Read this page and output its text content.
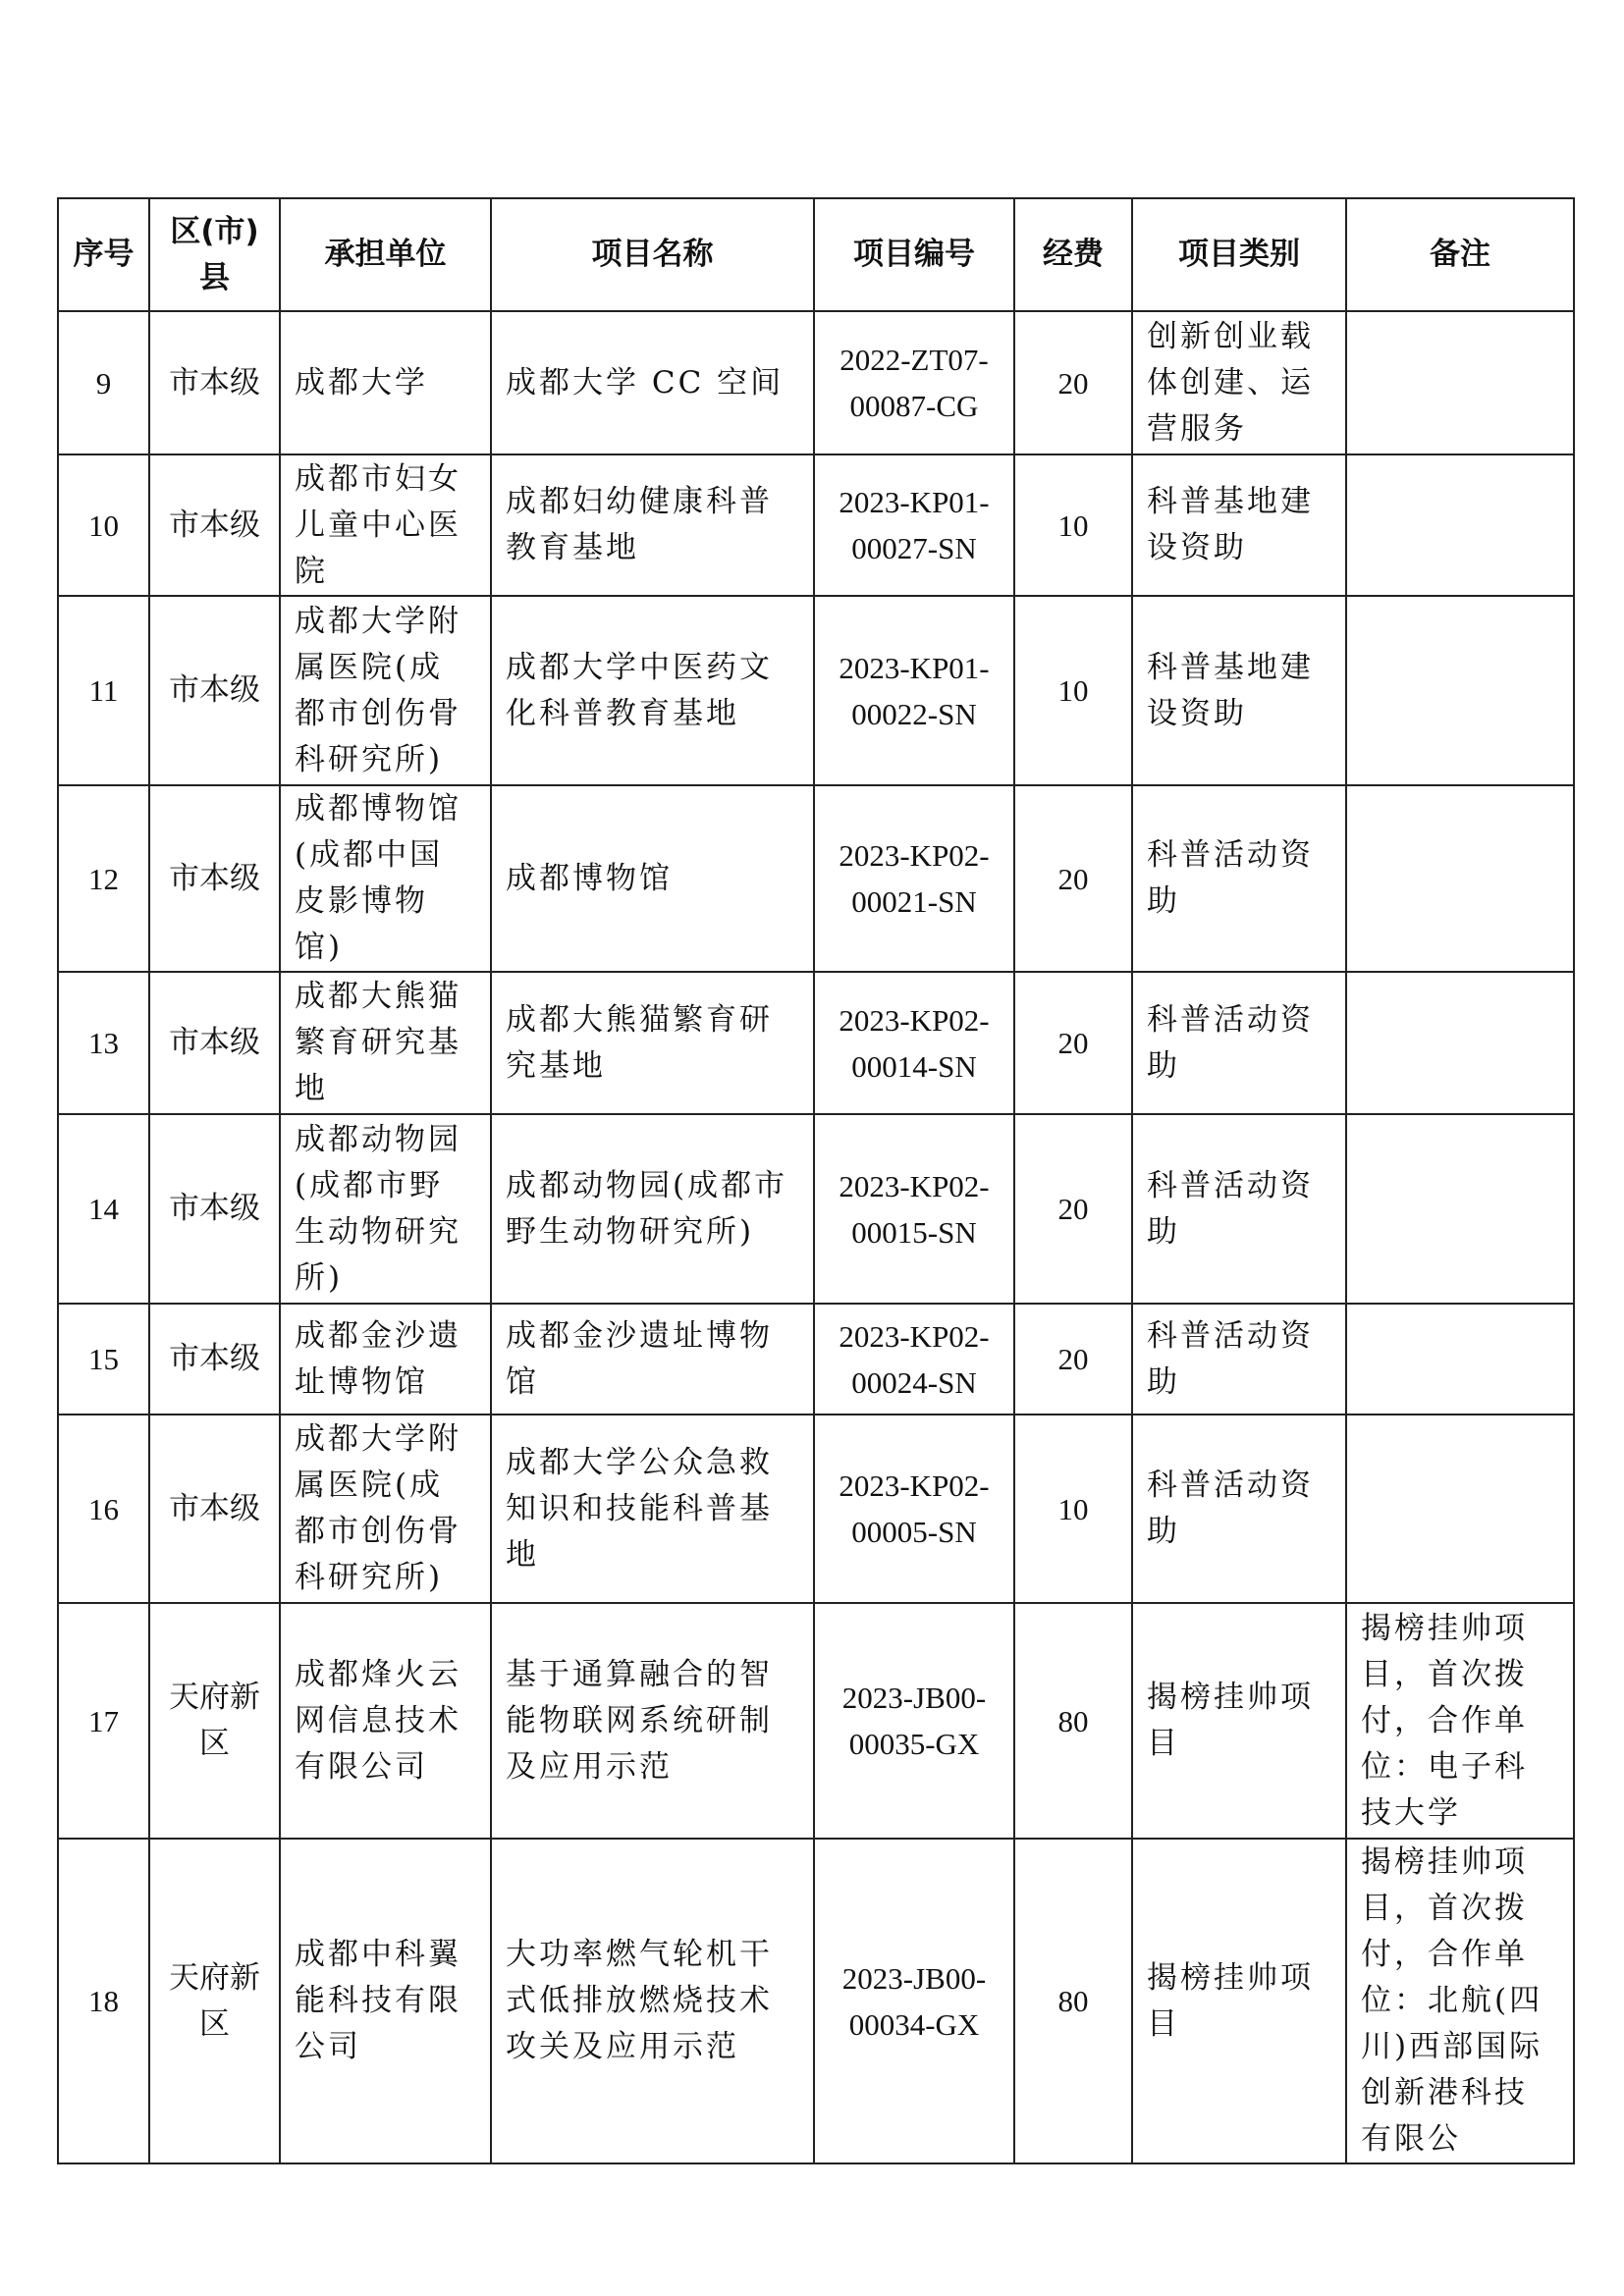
序号	区(市)县	承担单位	项目名称	项目编号	经费	项目类别	备注
9	市本级	成都大学	成都大学 CC 空间	2022-ZT07-00087-CG	20	创新创业载体创建、运营服务	
10	市本级	成都市妇女儿童中心医院	成都妇幼健康科普教育基地	2023-KP01-00027-SN	10	科普基地建设资助	
11	市本级	成都大学附属医院(成都市创伤骨科研究所)	成都大学中医药文化科普教育基地	2023-KP01-00022-SN	10	科普基地建设资助	
12	市本级	成都博物馆(成都中国皮影博物馆)	成都博物馆	2023-KP02-00021-SN	20	科普活动资助	
13	市本级	成都大熊猫繁育研究基地	成都大熊猫繁育研究基地	2023-KP02-00014-SN	20	科普活动资助	
14	市本级	成都动物园(成都市野生动物研究所)	成都动物园(成都市野生动物研究所)	2023-KP02-00015-SN	20	科普活动资助	
15	市本级	成都金沙遗址博物馆	成都金沙遗址博物馆	2023-KP02-00024-SN	20	科普活动资助	
16	市本级	成都大学附属医院(成都市创伤骨科研究所)	成都大学公众急救知识和技能科普基地	2023-KP02-00005-SN	10	科普活动资助	
17	天府新区	成都烽火云网信息技术有限公司	基于通算融合的智能物联网系统研制及应用示范	2023-JB00-00035-GX	80	揭榜挂帅项目	揭榜挂帅项目，首次拨付，合作单位：电子科技大学
18	天府新区	成都中科翼能科技有限公司	大功率燃气轮机干式低排放燃烧技术攻关及应用示范	2023-JB00-00034-GX	80	揭榜挂帅项目	揭榜挂帅项目，首次拨付，合作单位：北航(四川)西部国际创新港科技有限公
